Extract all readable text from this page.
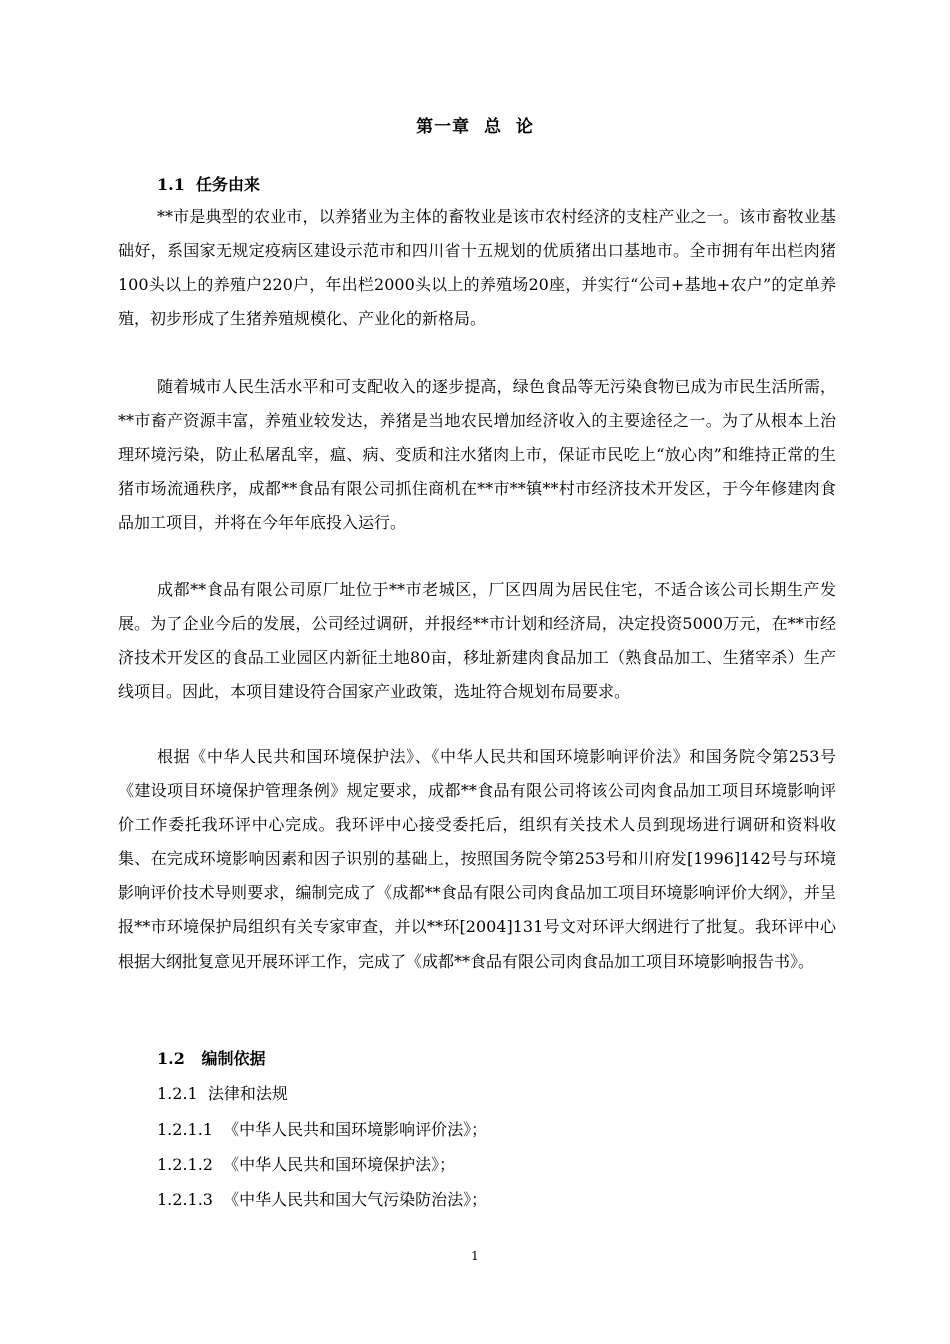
第一章  总  论
1.1  任务由来

**市是典型的农业市，以养猪业为主体的畜牧业是该市农村经济的支柱产业之一。该市畜牧业基础好，系国家无规定疫病区建设示范市和四川省十五规划的优质猪出口基地市。全市拥有年出栏肉猪100头以上的养殖户220户，年出栏2000头以上的养殖场20座，并实行“公司+基地+农户”的定单养殖，初步形成了生猪养殖规模化、产业化的新格局。

随着城市人民生活水平和可支配收入的逐步提高，绿色食品等无污染食物已成为市民生活所需，**市畜产资源丰富，养殖业较发达，养猪是当地农民增加经济收入的主要途径之一。为了从根本上治理环境污染，防止私屠乱宰，瘟、病、变质和注水猪肉上市，保证市民吃上“放心肉”和维持正常的生猪市场流通秩序，成都**食品有限公司抓住商机在**市**镇**村市经济技术开发区，于今年修建肉食品加工项目，并将在今年年底投入运行。

成都**食品有限公司原厂址位于**市老城区，厂区四周为居民住宅，不适合该公司长期生产发展。为了企业今后的发展，公司经过调研，并报经**市计划和经济局，决定投资5000万元，在**市经济技术开发区的食品工业园区内新征土地80亩，移址新建肉食品加工（熟食品加工、生猪宰杀）生产线项目。因此，本项目建设符合国家产业政策，选址符合规划布局要求。

根据《中华人民共和国环境保护法》、《中华人民共和国环境影响评价法》和国务院令第253号《建设项目环境保护管理条例》规定要求，成都**食品有限公司将该公司肉食品加工项目环境影响评价工作委托我环评中心完成。我环评中心接受委托后，组织有关技术人员到现场进行调研和资料收集、在完成环境影响因素和因子识别的基础上，按照国务院令第253号和川府发[1996]142号与环境影响评价技术导则要求，编制完成了《成都**食品有限公司肉食品加工项目环境影响评价大纲》，并呈报**市环境保护局组织有关专家审查，并以**环[2004]131号文对环评大纲进行了批复。我环评中心根据大纲批复意见开展环评工作，完成了《成都**食品有限公司肉食品加工项目环境影响报告书》。

1.2   编制依据
1.2.1  法律和法规
1.2.1.1  《中华人民共和国环境影响评价法》；
1.2.1.2  《中华人民共和国环境保护法》；
1.2.1.3  《中华人民共和国大气污染防治法》；
1
